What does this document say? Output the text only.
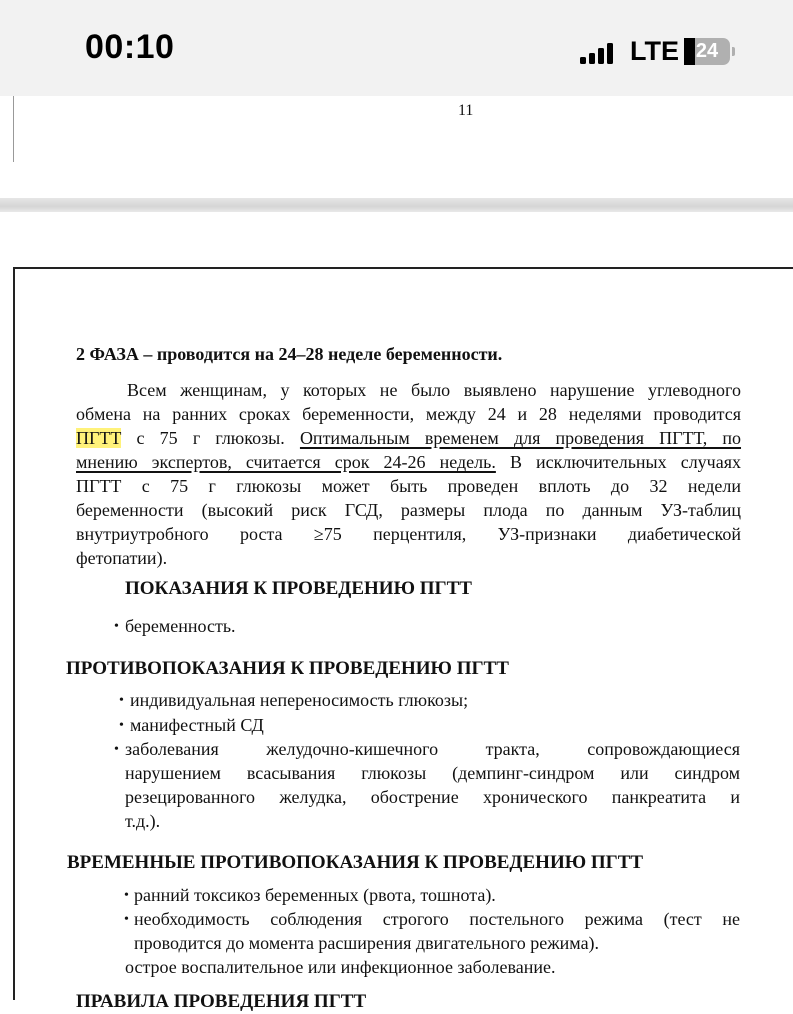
00:10	LTE 24
11
2 ФАЗА – проводится на 24–28 неделе беременности.
Всем женщинам, у которых не было выявлено нарушение углеводного
обмена на ранних сроках беременности, между 24 и 28 неделями проводится
ПГТТ с 75 г глюкозы. Оптимальным временем для проведения ПГТТ, по
мнению экспертов, считается срок 24-26 недель. В исключительных случаях
ПГТТ с 75 г глюкозы может быть проведен вплоть до 32 недели
беременности (высокий риск ГСД, размеры плода по данным УЗ-таблиц
внутриутробного роста ≥75 перцентиля, УЗ-признаки диабетической
фетопатии).
ПОКАЗАНИЯ К ПРОВЕДЕНИЮ ПГТТ
• беременность.
ПРОТИВОПОКАЗАНИЯ К ПРОВЕДЕНИЮ ПГТТ
• индивидуальная непереносимость глюкозы;
• манифестный СД
• заболевания желудочно-кишечного тракта, сопровождающиеся
нарушением всасывания глюкозы (демпинг-синдром или синдром
резецированного желудка, обострение хронического панкреатита и
т.д.).
ВРЕМЕННЫЕ ПРОТИВОПОКАЗАНИЯ К ПРОВЕДЕНИЮ ПГТТ
• ранний токсикоз беременных (рвота, тошнота).
• необходимость соблюдения строгого постельного режима (тест не
проводится до момента расширения двигательного режима).
острое воспалительное или инфекционное заболевание.
ПРАВИЛА ПРОВЕДЕНИЯ ПГТТ
